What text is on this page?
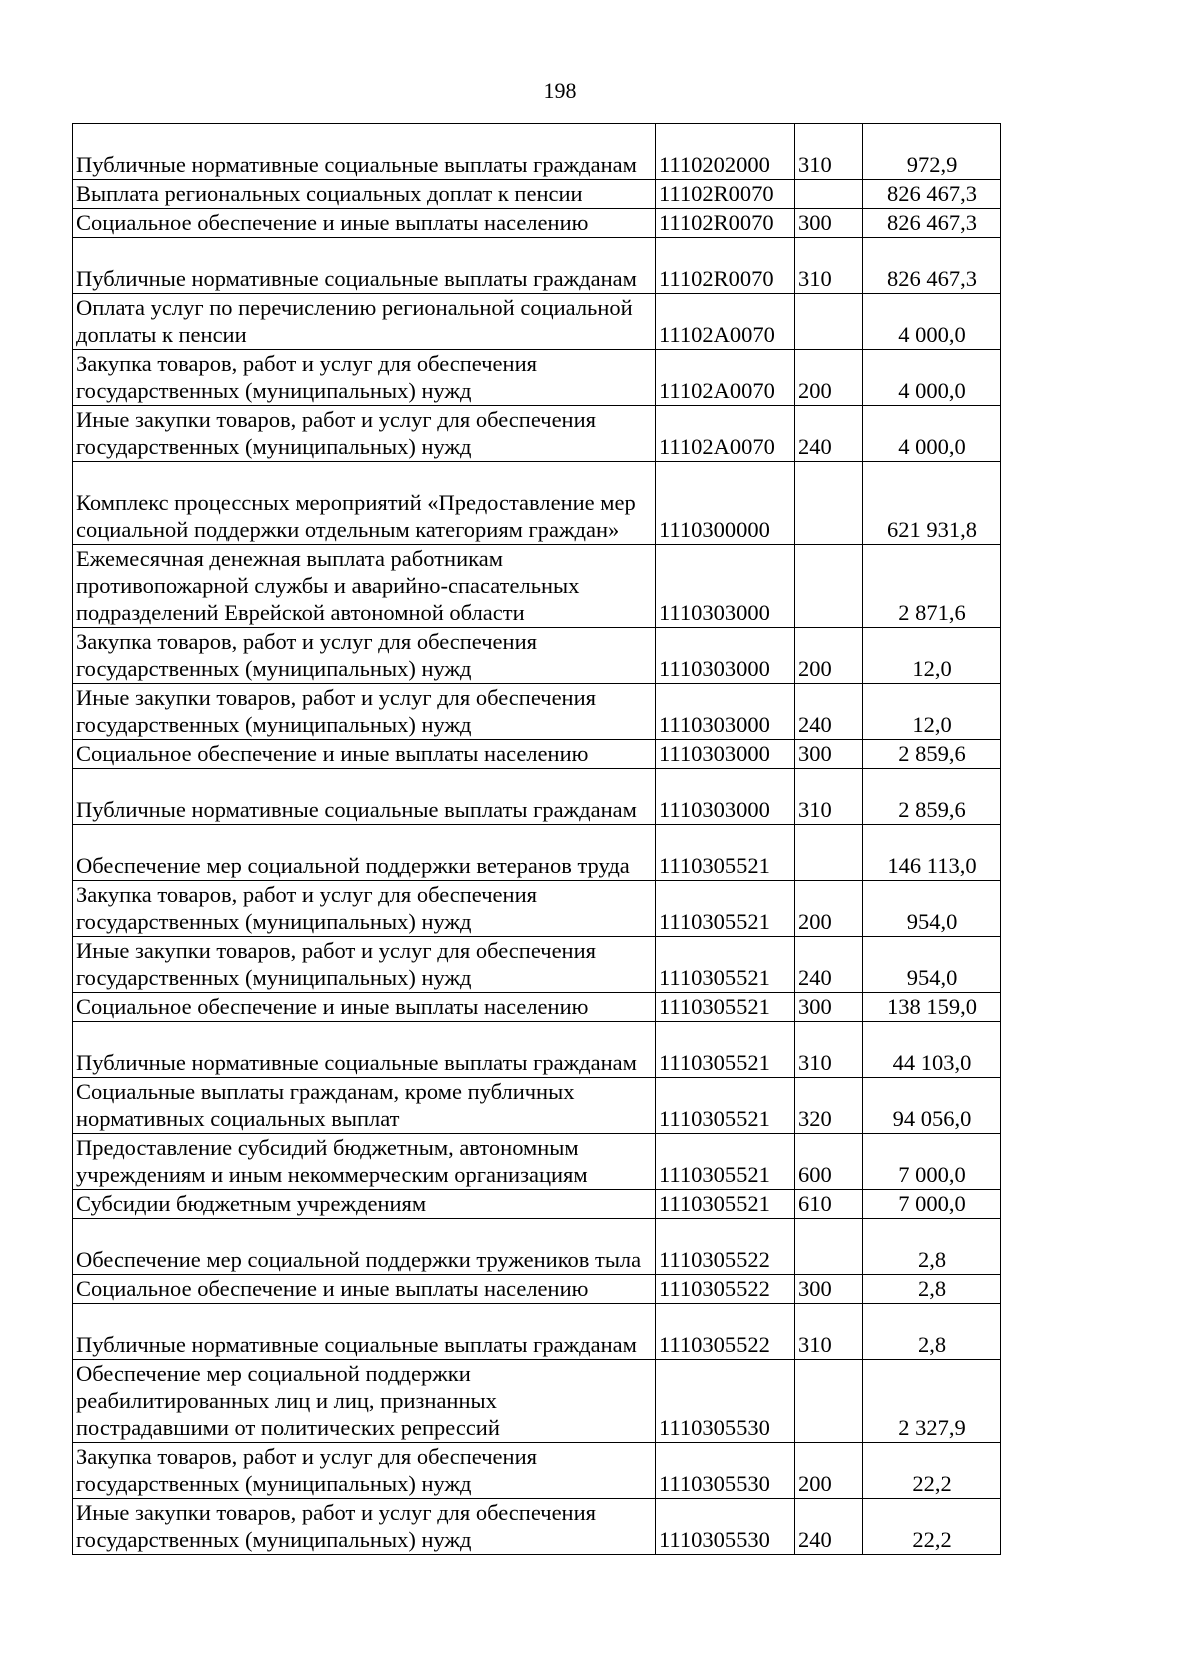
198
Публичные нормативные социальные выплаты гражданам	1110202000	310	972,9
Выплата региональных социальных доплат к пенсии	11102R0070		826 467,3
Социальное обеспечение и иные выплаты населению	11102R0070	300	826 467,3
Публичные нормативные социальные выплаты гражданам	11102R0070	310	826 467,3
Оплата услуг по перечислению региональной социальной доплаты к пенсии	11102A0070		4 000,0
Закупка товаров, работ и услуг для обеспечения государственных (муниципальных) нужд	11102A0070	200	4 000,0
Иные закупки товаров, работ и услуг для обеспечения государственных (муниципальных) нужд	11102A0070	240	4 000,0
Комплекс процессных мероприятий «Предоставление мер социальной поддержки отдельным категориям граждан»	1110300000		621 931,8
Ежемесячная денежная выплата работникам противопожарной службы и аварийно-спасательных подразделений Еврейской автономной области	1110303000		2 871,6
Закупка товаров, работ и услуг для обеспечения государственных (муниципальных) нужд	1110303000	200	12,0
Иные закупки товаров, работ и услуг для обеспечения государственных (муниципальных) нужд	1110303000	240	12,0
Социальное обеспечение и иные выплаты населению	1110303000	300	2 859,6
Публичные нормативные социальные выплаты гражданам	1110303000	310	2 859,6
Обеспечение мер социальной поддержки ветеранов труда	1110305521		146 113,0
Закупка товаров, работ и услуг для обеспечения государственных (муниципальных) нужд	1110305521	200	954,0
Иные закупки товаров, работ и услуг для обеспечения государственных (муниципальных) нужд	1110305521	240	954,0
Социальное обеспечение и иные выплаты населению	1110305521	300	138 159,0
Публичные нормативные социальные выплаты гражданам	1110305521	310	44 103,0
Социальные выплаты гражданам, кроме публичных нормативных социальных выплат	1110305521	320	94 056,0
Предоставление субсидий бюджетным, автономным учреждениям и иным некоммерческим организациям	1110305521	600	7 000,0
Субсидии бюджетным учреждениям	1110305521	610	7 000,0
Обеспечение мер социальной поддержки тружеников тыла	1110305522		2,8
Социальное обеспечение и иные выплаты населению	1110305522	300	2,8
Публичные нормативные социальные выплаты гражданам	1110305522	310	2,8
Обеспечение мер социальной поддержки реабилитированных лиц и лиц, признанных пострадавшими от политических репрессий	1110305530		2 327,9
Закупка товаров, работ и услуг для обеспечения государственных (муниципальных) нужд	1110305530	200	22,2
Иные закупки товаров, работ и услуг для обеспечения государственных (муниципальных) нужд	1110305530	240	22,2
